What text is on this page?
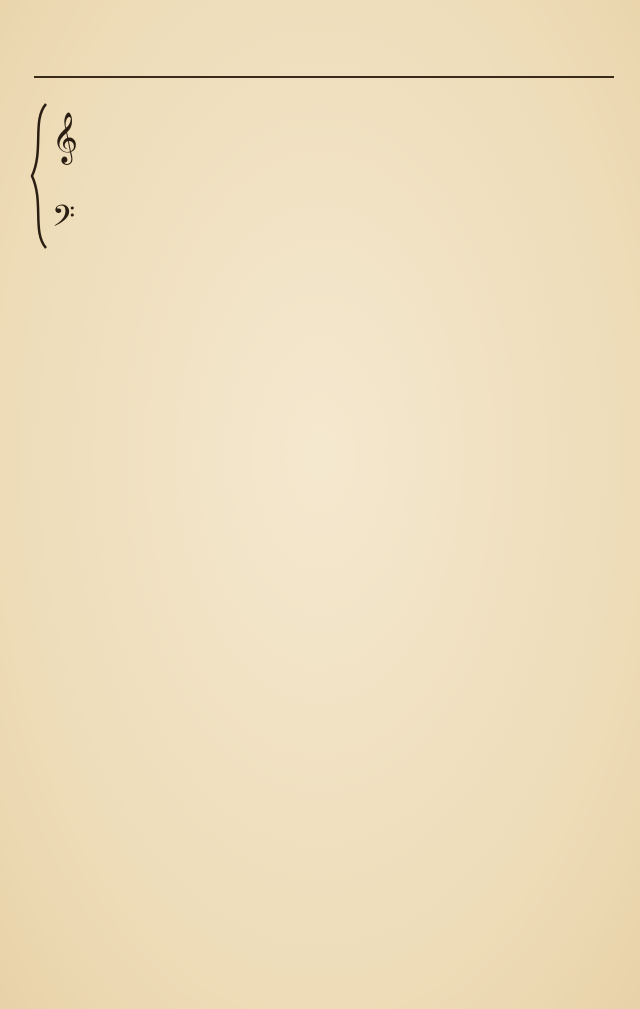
𝄞
𝄢
